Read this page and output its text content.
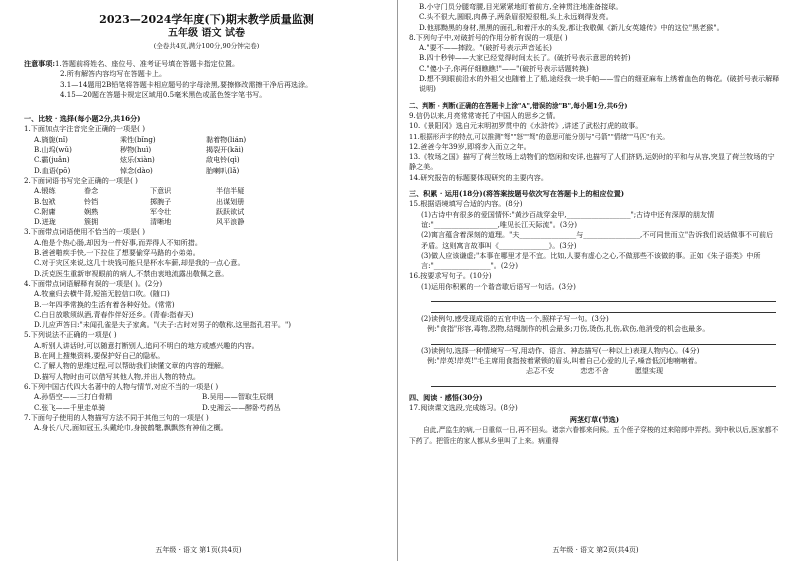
2023—2024学年度(下)期末教学质量监测
五年级 语文 试卷
(全卷共4页,满分100分,90分钟完卷)
注意事项:1.答题前将姓名、座位号、准考证号填在答题卡指定位置。
2.所有解答内容均写在答题卡上。
3.1—14题用2B铅笔将答题卡相应题号的字母涂黑,要擦修改需擦干净后再选涂。
4.15—20题在答题卡规定区域用0.5毫米黑色或蓝色签字笔书写。
一、比较 · 选择(每小题2分,共16分)
1.下面加点字注音完全正确的一项是( )
A.旖旎(nǐ)	乘性(bǐng)	黏着物(lián)
B.山坞(wǔ)	秽物(huì)	揭裂开(kāi)
C.霸(juǎn)	炫乐(xiàn)	敌电铃(qì)
D.血语(pō)	悼念(dào)	胎喇叭(lǎ)
2.下面词语书写完全正确的一项是( )
A.锻练	眷念	下意识	半信半疑
B.包袱	铃铛	掷腕子	出谋划册
C.附庸	娴熟	军令壮	跃跃欲试
D.迸珑	簇拥	清晰地	风平浪静
3.下面带点词语使用不恰当的一项是( )
A.他是个热心肠,却因为一件好事,而弄得人不知所措。
B.爸爸啪疾手快,一下拉住了想要偷穿马路的小弟弟。
C.对于灾区来说,这几十块钱可能只是杯水车薪,却是我的一点心意。
D.沃克医生重新审视眼前的病人,不禁由衷地流露出敬佩之意。
4.下面带点词语解释有误的一项是( )。(2分)
A.牧童归去横牛背,短笛无腔信口吹。(随口)
B.一年四季常换的生活有着各种好处。(常常)
C.白日放歌须纵酒,青春作伴好还乡。(青春:指春天)
D.儿应声答曰:"未闻孔雀是夫子家禽。"(夫子:古时对男子的敬称,这里指孔君平。")
5.下列说法不正确的一项是( )
A.听别人讲话时,可以随意打断别人,追问不明白的地方或感兴趣的内容。
B.在网上搜集资料,要保护好自己的隐私。
C.了解人物的思维过程,可以帮助我们读懂文章的内容的理解。
D.描写人物时由可以借写其他人物,并出人物的特点。
6.下列中国古代四大名著中的人物与情节,对应不当的一项是( )
A.孙悟空——三打白骨精	B.吴用——智取生辰纲
C.张飞——千里走单骑	D.史湘云——醉卧芍药丛
7.下面句子使用的人物描写方法不同于其他三句的一项是( )
A.身长八尺,面如冠玉,头戴纶巾,身披鹤氅,飘飘然有神仙之概。
五年级 · 语文 第1页(共4页)
B.小守门员分腿弯腰,目光紧紧地盯着前方,全神贯注地准备接球。
C.头不很大,圆眼,肉鼻子,两条眉很短很粗,头上永远剃得发亮。
D.他那黝黑的身材,黑黑的面孔,和着汗水的头发,都让我敬佩《新儿女英雄传》中的这位"黑老猴"。
8.下列句子中,对破折号的作用分析有误的一项是( )
A."要不——摔跤。"(破折号表示声音延长)
B.四十秒钟——大家已经觉得时间太长了。(破折号表示意思的转折)
C."傻小子,你再仔细瞧瞧!"——"(破折号表示话题转换)
D.想不到眼前沿水的外祖父也随着上了船,途经我一块手帕——雪白的细亚麻布上绣着血色的梅花。(破折号表示解释说明)
二、判断 · 判断(正确的在答题卡上涂"A",错误的涂"B",每小题1分,共6分)
9.信仍以来,月亮常常寄托了中国人的思乡之情。
10.《景阳冈》选自元末明初罗贯中的《水浒传》,讲述了武松打虎的故事。
11.根据形声字的特点,可以推测"弩""怒""驽"的意思可能分别与"弓箭""情绪""马匹"有关。
12.爸爸今年39岁,即将步入而立之年。
13.《牧场之国》描写了荷兰牧场上动物们的悠闲和安详,也描写了人们挤奶,运奶时的平和与从容,突显了荷兰牧场的宁静之美。
14.研究报告的标题要体现研究的主要内容。
三、积累 · 运用(18分)(将答案按题号依次写在答题卡上的相应位置)
15.根据语境填写合适的内容。(8分)
(1)古诗中有很多的爱国情怀:"黄沙百战穿金甲,__________________";古诗中还有深厚的朋友情谊:"__________________,唯见长江天际流"。(3分)
(2)寓言蕴含着深刻的道理。"夫________________与________________,不可同世而立"告诉我们说话做事不可前后矛盾。这则寓言故事叫《______________》。(3分)
(3)做人应该谦虚;"本事在哪里才是不宜。比如,人要有虚心之心,不做那些不该做的事。正如《朱子语类》中所言:"________________"。(2分)
16.按要求写句子。(10分)
(1)运用你积累的一个谐音歇后语写一句话。(3分)
(2)读例句,感受现成语的五官中选一个,照样子写一句。(3分)
例:"食指"形容,毒物,烈物,结绳制作的机会最多;刀伤,烫伤,扎伤,砍伤,他消受的机会也最多。
(3)读例句,选择一种情境写一写,用动作、语言、神态描写(一种以上)表现人物内心。(4分)
例:"岸英!岸英!"毛主席用食指按着紧锁的眉头,叫着自己心爱的儿子,嗓音低沉地喃喃着。
忐忑不安	恋恋不舍	愿望实现
四、阅读 · 感悟(30分)
17.阅读课文选段,完成练习。(8分)
两茎灯草(节选)
自此,严监生的病,一日重似一日,再不回头。诸亲六眷都来问候。五个侄子穿梭的过来陪郎中弄药。到中秋以后,医家都不下药了。把管庄的家人都从乡里叫了上来。病重得
五年级 · 语文 第2页(共4页)
